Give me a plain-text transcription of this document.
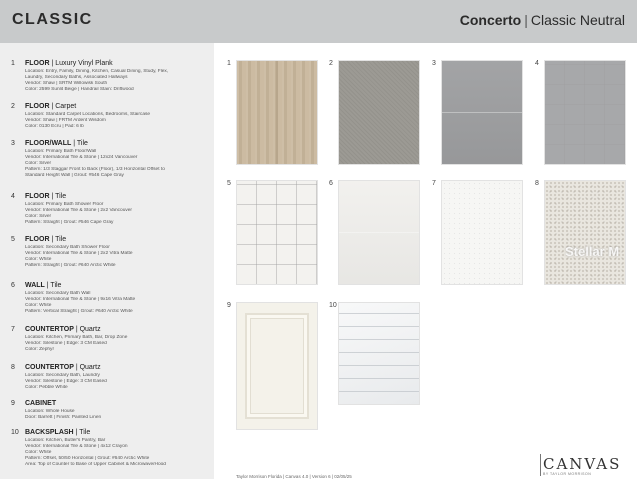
CLASSIC	Concerto | Classic Neutral
1 FLOOR | Luxury Vinyl Plank
Location: Entry, Family, Dining, Kitchen, Casual Dining, Study, Flex,
Laundry, Secondary Baths, Associated Hallways
Vendor: Shaw | SRTM Willowisk South
Color: 2599 Sunlit Beige | Handrail Stain: Driftwood
2 FLOOR | Carpet
Location: Standard Carpet Locations, Bedrooms, Staircase
Vendor: Shaw | FRTM Ardent Wisdom
Color: 0130 Ecru | Pad: 6 lb
3 FLOOR/WALL | Tile
Location: Primary Bath Floor/Wall
Vendor: International Tile & Stone | 12x24 Vancouver
Color: Silver
Pattern: 1/3 Staggar Front to Back (Floor), 1/3 Horizontal Offset to
Standard Height Wall | Grout: #546 Cape Gray
4 FLOOR | Tile
Location: Primary Bath Shower Floor
Vendor: International Tile & Stone | 2x2 Vancouver
Color: Silver
Pattern: Straight | Grout: #546 Cape Gray
5 FLOOR | Tile
Location: Secondary Bath Shower Floor
Vendor: International Tile & Stone | 2x2 Vitra Matte
Color: White
Pattern: Straight | Grout: #640 Arctic White
6 WALL | Tile
Location: Secondary Bath Wall
Vendor: International Tile & Stone | 9x16 Vitra Matte
Color: White
Pattern: Vertical Straight | Grout: #640 Arctic White
7 COUNTERTOP | Quartz
Location: Kitchen, Primary Bath, Bar, Drop Zone
Vendor: Silestone | Edge: 3 CM Eased
Color: Zephyr
8 COUNTERTOP | Quartz
Location: Secondary Bath, Laundry
Vendor: Silestone | Edge: 3 CM Eased
Color: Pebble White
9 CABINET
Location: Whole House
Door: Barrett | Finish: Painted Linen
10 BACKSPLASH | Tile
Location: Kitchen, Butler's Pantry, Bar
Vendor: International Tile & Stone | 4x12 Crayon
Color: White
Pattern: Offset, 50/50 Horizontal | Grout: #640 Arctic White
Area: Top of Counter to Base of Upper Cabinet & Microwave/Hood
1	2	3	4
5	6	7	8
9	10
Taylor Morrison Florida | Canvas 4.0 | Version 6 | 02/05/25
CANVAS
BY TAYLOR MORRISON
Stellar M
